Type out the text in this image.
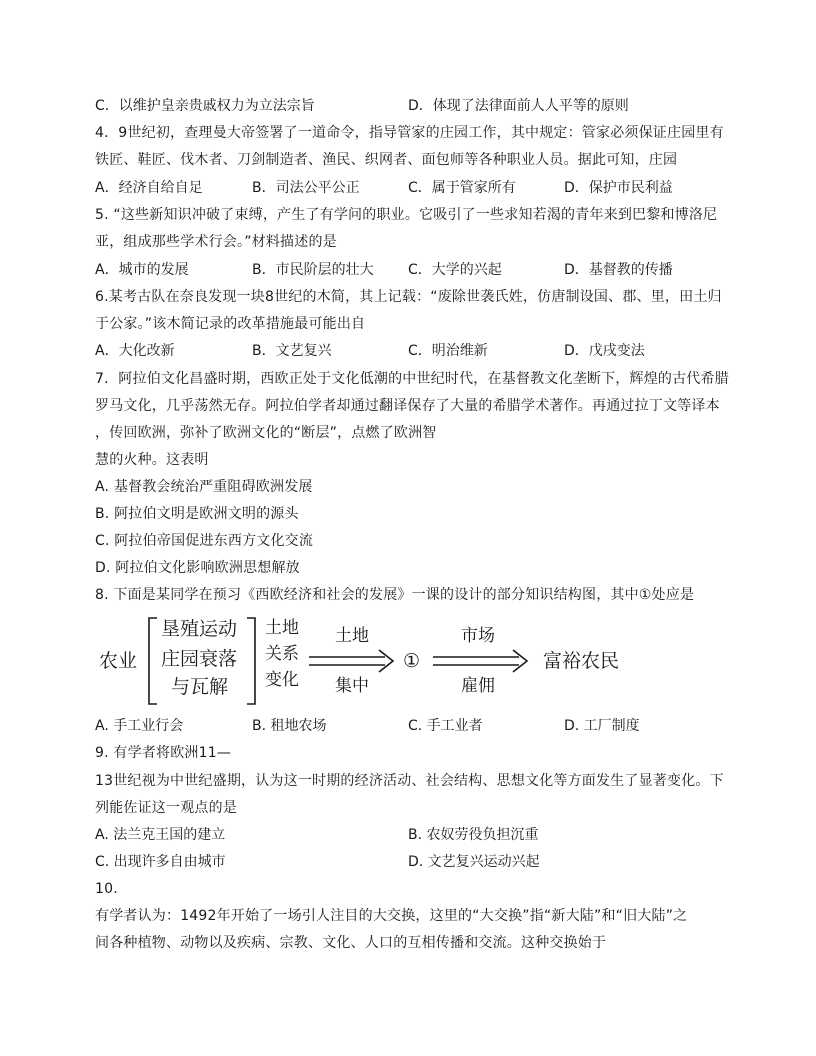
C．以维护皇亲贵戚权力为立法宗旨	D．体现了法律面前人人平等的原则
4．9世纪初，查理曼大帝签署了一道命令，指导管家的庄园工作，其中规定：管家必须保证庄园里有
铁匠、鞋匠、伐木者、刀剑制造者、渔民、织网者、面包师等各种职业人员。据此可知，庄园
A．经济自给自足	B．司法公平公正	C．属于管家所有	D．保护市民利益
5. “这些新知识冲破了束缚，产生了有学问的职业。它吸引了一些求知若渴的青年来到巴黎和博洛尼
亚，组成那些学术行会。”材料描述的是
A．城市的发展	B．市民阶层的壮大 C．大学的兴起	D．基督教的传播
6.某考古队在奈良发现一块8世纪的木简，其上记载：“废除世袭氏姓，仿唐制设国、郡、里，田土归
于公家。”该木简记录的改革措施最可能出自
A．大化改新	B．文艺复兴	C．明治维新	D．戊戌变法
7．阿拉伯文化昌盛时期，西欧正处于文化低潮的中世纪时代，在基督教文化垄断下，辉煌的古代希腊
罗马文化，几乎荡然无存。阿拉伯学者却通过翻译保存了大量的希腊学术著作。再通过拉丁文等译本
，传回欧洲，弥补了欧洲文化的“断层”，点燃了欧洲智
慧的火种。这表明
A. 基督教会统治严重阻碍欧洲发展
B. 阿拉伯文明是欧洲文明的源头
C. 阿拉伯帝国促进东西方文化交流
D. 阿拉伯文化影响欧洲思想解放
8. 下面是某同学在预习《西欧经济和社会的发展》一课的设计的部分知识结构图，其中①处应是
农业
垦殖运动
庄园衰落
与瓦解
土地
关系
变化
土地
集中
①
市场
雇佣
富裕农民
A. 手工业行会	B. 租地农场	C. 手工业者	D. 工厂制度
9. 有学者将欧洲11—
13世纪视为中世纪盛期，认为这一时期的经济活动、社会结构、思想文化等方面发生了显著变化。下
列能佐证这一观点的是
A. 法兰克王国的建立	B. 农奴劳役负担沉重
C. 出现许多自由城市	D. 文艺复兴运动兴起
10.
有学者认为：1492年开始了一场引人注目的大交换，这里的“大交换”指“新大陆”和“旧大陆”之
间各种植物、动物以及疾病、宗教、文化、人口的互相传播和交流。这种交换始于
